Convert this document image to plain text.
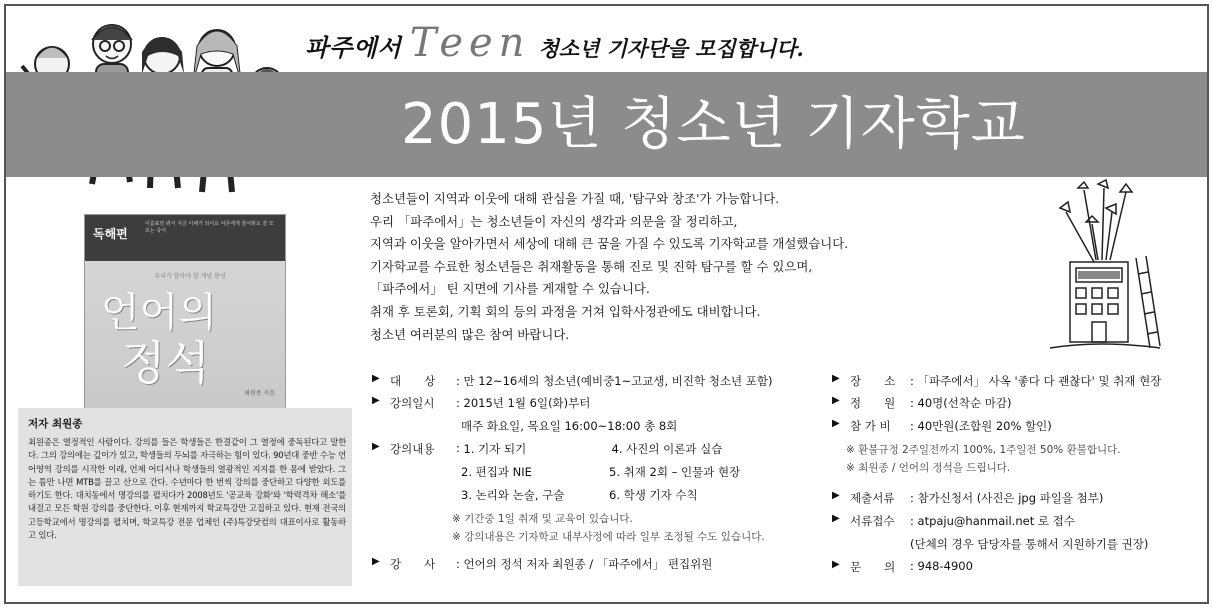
파주에서 Teen 청소년 기자단을 모집합니다.
2015년 청소년 기자학교
독해편
이름표만 봐서 지금 이해가 되어요 어른에게 물어봐도 잘 모르는 국어
우리가 알아야 할 개념 완성
언어의
정석
최원종 지음
저자 최원종
최원종은 열정적인 사람이다. 강의를 들은 학생들은 한결같이 그 열정에 중독된다고 말한다. 그의 강의에는 깊이가 있고, 학생들의 두뇌를 자극하는 힘이 있다. 90년대 중반 수능 언어영역 강의를 시작한 이래, 언제 어디서나 학생들의 열광적인 지지를 한 몸에 받았다. 그는 틈만 나면 MTB를 끌고 산으로 간다. 수년마다 한 번씩 강의를 중단하고 다양한 외도를 하기도 한다. 대치동에서 명강의를 펼치다가 2008년도 '공교육 강화'와 '학력격차 해소'를 내걸고 모든 학원 강의를 중단한다. 이후 현재까지 학교특강만 고집하고 있다. 현재 전국의 고등학교에서 명강의를 펼치며, 학교특강 전문 업체인 (주)특강닷컴의 대표이사로 활동하고 있다.
청소년들이 지역과 이웃에 대해 관심을 가질 때, '탐구와 창조'가 가능합니다.
우리 「파주에서」는 청소년들이 자신의 생각과 의문을 잘 정리하고,
지역과 이웃을 알아가면서 세상에 대해 큰 꿈을 가질 수 있도록 기자학교를 개설했습니다.
기자학교를 수료한 청소년들은 취재활동을 통해 진로 및 진학 탐구를 할 수 있으며,
「파주에서」 틴 지면에 기사를 게재할 수 있습니다.
취재 후 토론회, 기획 회의 등의 과정을 거쳐 입학사정관에도 대비합니다.
청소년 여러분의 많은 참여 바랍니다.
▶ 대　　상	: 만 12~16세의 청소년(예비중1~고교생, 비진학 청소년 포함)
▶ 강의일시	: 2015년 1월 6일(화)부터
매주 화요일, 목요일 16:00~18:00 총 8회
▶ 강의내용	: 1. 기자 되기	4. 사진의 이론과 실습
2. 편집과 NIE	5. 취재 2회 – 인물과 현장
3. 논리와 논술, 구술	6. 학생 기자 수칙
※ 기간중 1일 취재 및 교육이 있습니다.
※ 강의내용은 기자학교 내부사정에 따라 일부 조정될 수도 있습니다.
▶ 강　　사	: 언어의 정석 저자 최원종 / 「파주에서」 편집위원
▶ 장　　소	: 「파주에서」 사옥 '좋다 다 괜찮다' 및 취재 현장
▶ 정　　원	: 40명(선착순 마감)
▶ 참 가 비	: 40만원(조합원 20% 할인)
※ 환불규정 2주일전까지 100%, 1주일전 50% 환불합니다.
※ 최원종 / 언어의 정석을 드립니다.
▶ 제출서류	: 참가신청서 (사진은 jpg 파일을 첨부)
▶ 서류접수	: atpaju@hanmail.net 로 접수
(단체의 경우 담당자를 통해서 지원하기를 권장)
▶ 문　　의	: 948-4900
